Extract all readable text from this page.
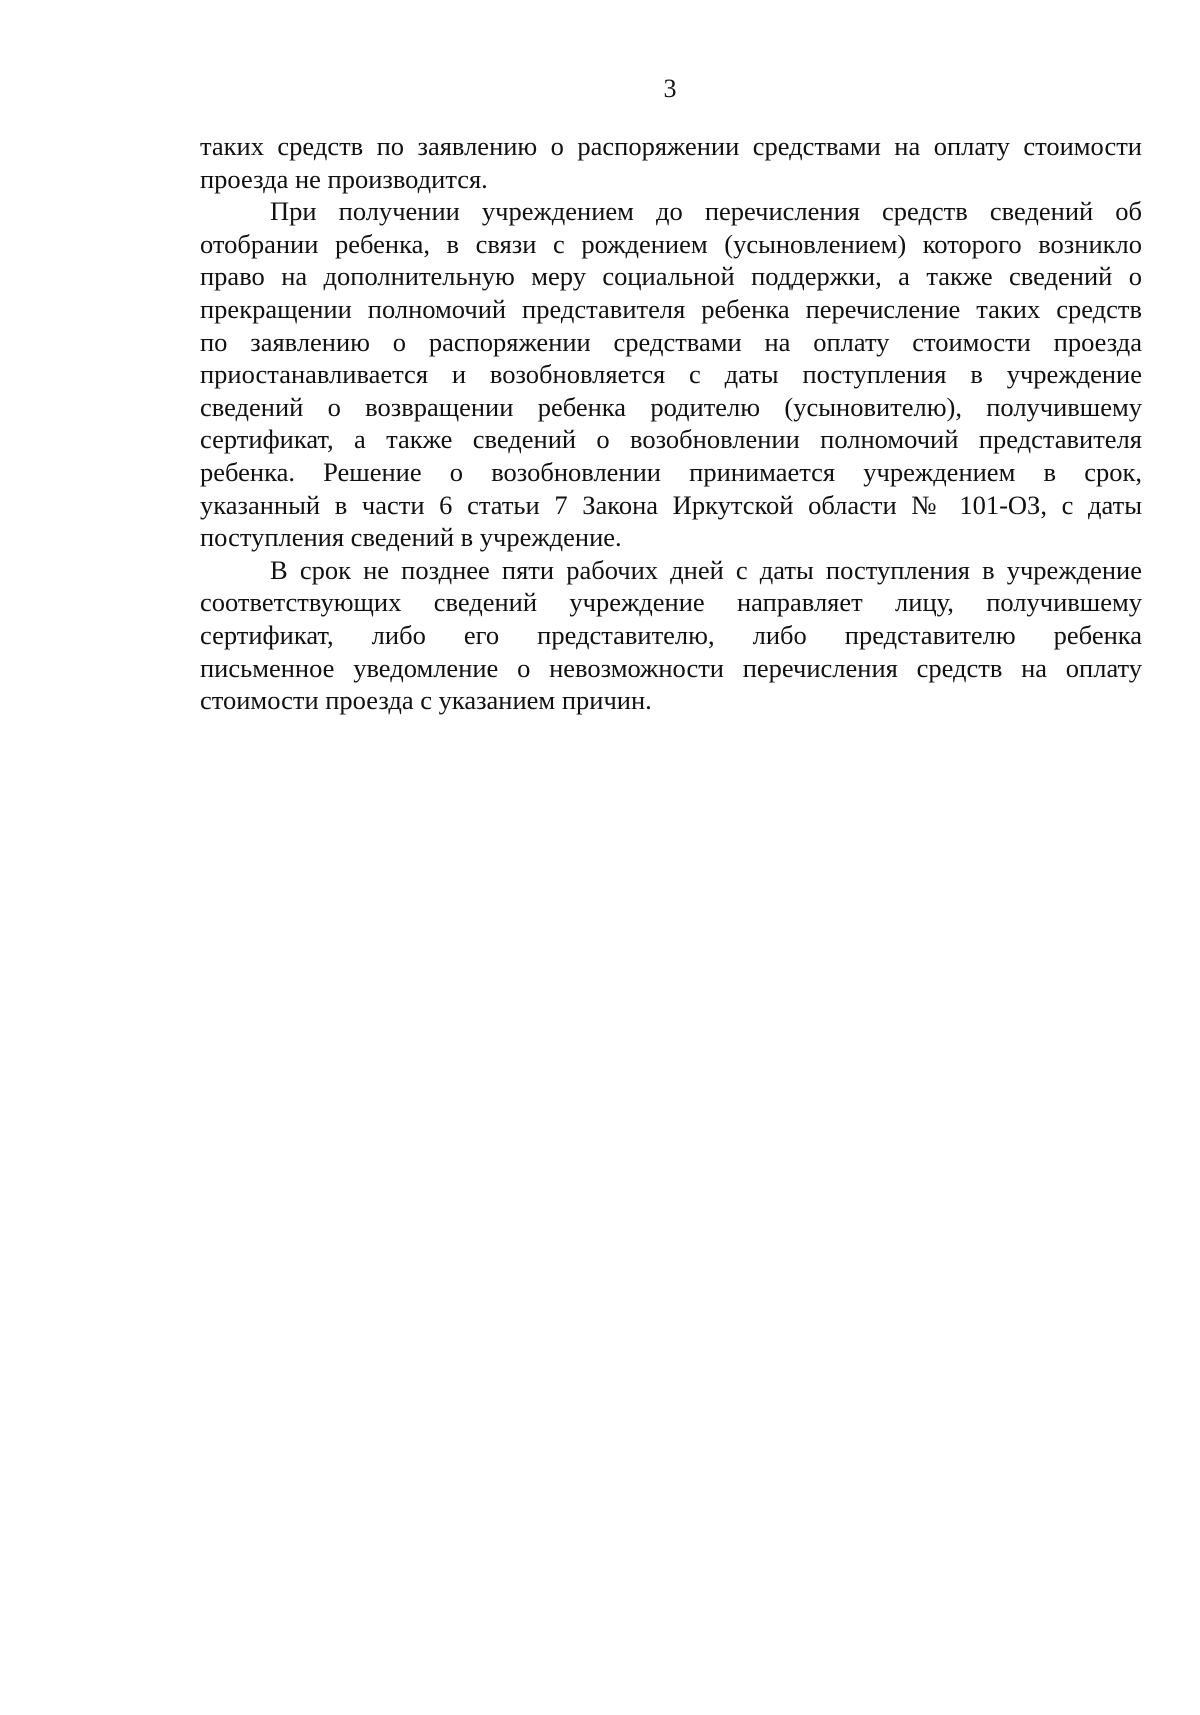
3
таких средств по заявлению о распоряжении средствами на оплату стоимости
проезда не производится.
При получении учреждением до перечисления средств сведений об
отобрании ребенка, в связи с рождением (усыновлением) которого возникло
право на дополнительную меру социальной поддержки, а также сведений о
прекращении полномочий представителя ребенка перечисление таких средств
по заявлению о распоряжении средствами на оплату стоимости проезда
приостанавливается и возобновляется с даты поступления в учреждение
сведений о возвращении ребенка родителю (усыновителю), получившему
сертификат, а также сведений о возобновлении полномочий представителя
ребенка. Решение о возобновлении принимается учреждением в срок,
указанный в части 6 статьи 7 Закона Иркутской области № 101-ОЗ, с даты
поступления сведений в учреждение.
В срок не позднее пяти рабочих дней с даты поступления в учреждение
соответствующих сведений учреждение направляет лицу, получившему
сертификат, либо его представителю, либо представителю ребенка
письменное уведомление о невозможности перечисления средств на оплату
стоимости проезда с указанием причин.
